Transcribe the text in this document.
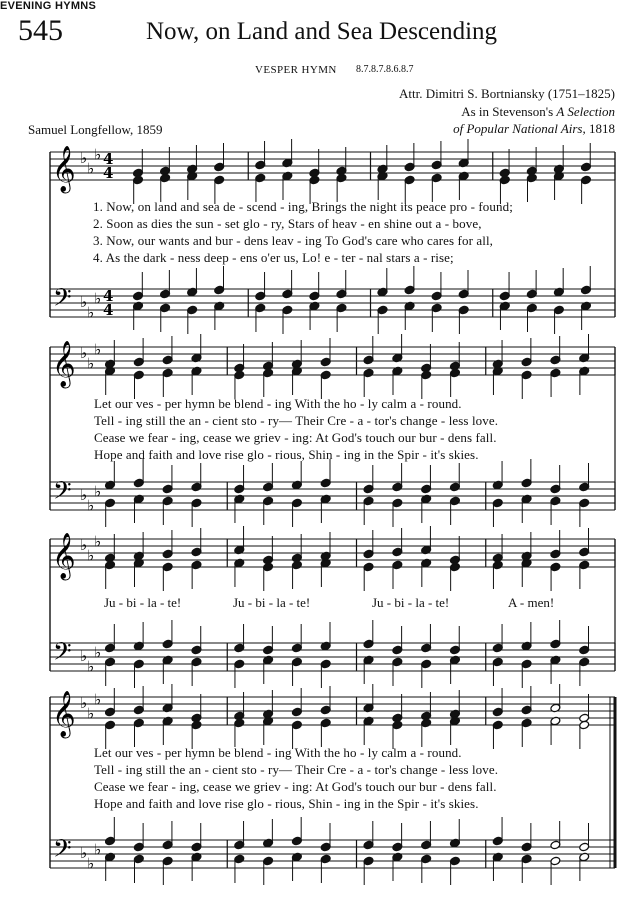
EVENING HYMNS
545	Now, on Land and Sea Descending
VESPER HYMN 8.7.8.7.8.6.8.7
Attr. Dimitri S. Bortniansky (1751–1825)
As in Stevenson's A Selection
of Popular National Airs, 1818
Samuel Longfellow, 1859
𝄞
𝄢
♭
♭
♭
♭
♭
♭
4
4
4
4
𝄞
𝄢
♭
♭
♭
♭
♭
♭
𝄞
𝄢
♭
♭
♭
♭
♭
♭
𝄞
𝄢
♭
♭
♭
♭
♭
♭
1. Now, on land and sea de - scend - ing, Brings the night its peace pro - found;
2. Soon as dies the sun - set glo - ry, Stars of heav - en shine out a - bove,
3. Now, our wants and bur - dens leav - ing To God's care who cares for all,
4. As the dark - ness deep - ens o'er us, Lo! e - ter - nal stars a - rise;
Let our ves - per hymn be blend - ing With the ho - ly calm a - round.
Tell - ing still the an - cient sto - ry— Their Cre - a - tor's change - less love.
Cease we fear - ing, cease we griev - ing: At God's touch our bur - dens fall.
Hope and faith and love rise glo - rious, Shin - ing in the Spir - it's skies.
Ju - bi - la - te!	Ju - bi - la - te!	Ju - bi - la - te!	A - men!
Let our ves - per hymn be blend - ing With the ho - ly calm a - round.
Tell - ing still the an - cient sto - ry— Their Cre - a - tor's change - less love.
Cease we fear - ing, cease we griev - ing: At God's touch our bur - dens fall.
Hope and faith and love rise glo - rious, Shin - ing in the Spir - it's skies.
